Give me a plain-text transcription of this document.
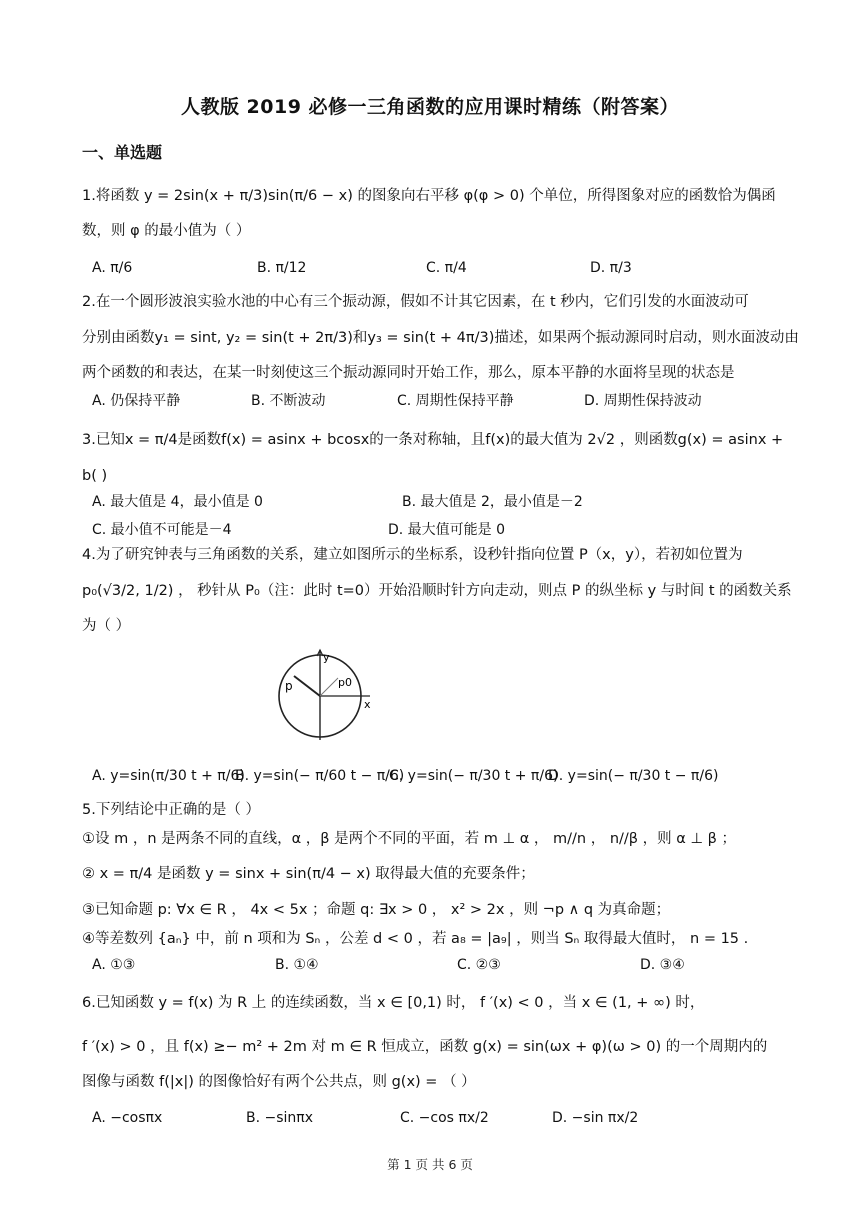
人教版 2019 必修一三角函数的应用课时精练（附答案）
一、单选题
1.将函数 y = 2sin(x + π/3)sin(π/6 − x) 的图象向右平移 φ(φ > 0) 个单位，所得图象对应的函数恰为偶函
数，则 φ 的最小值为（ ）
A. π/6	B. π/12	C. π/4	D. π/3
2.在一个圆形波浪实验水池的中心有三个振动源，假如不计其它因素，在 t 秒内，它们引发的水面波动可
分别由函数y₁ = sint, y₂ = sin(t + 2π/3)和y₃ = sin(t + 4π/3)描述，如果两个振动源同时启动，则水面波动由
两个函数的和表达，在某一时刻使这三个振动源同时开始工作，那么，原本平静的水面将呈现的状态是
A. 仍保持平静	B. 不断波动	C. 周期性保持平静	D. 周期性保持波动
3.已知x = π/4是函数f(x) = asinx + bcosx的一条对称轴，且f(x)的最大值为 2√2 ，则函数g(x) = asinx +
b( )
A. 最大值是 4，最小值是 0	B. 最大值是 2，最小值是－2
C. 最小值不可能是－4	D. 最大值可能是 0
4.为了研究钟表与三角函数的关系，建立如图所示的坐标系，设秒针指向位置 P（x，y），若初如位置为
p₀(√3/2, 1/2) ， 秒针从 P₀（注：此时 t=0）开始沿顺时针方向走动，则点 P 的纵坐标 y 与时间 t 的函数关系
为（ ）
y
p	p0
x
A. y=sin(π/30 t + π/6)
B. y=sin(− π/60 t − π/6)
C. y=sin(− π/30 t + π/6)
D. y=sin(− π/30 t − π/6)
5.下列结论中正确的是（ ）
①设 m ，n 是两条不同的直线，α ，β 是两个不同的平面，若 m ⊥ α ， m//n ， n//β ，则 α ⊥ β ；
② x = π/4 是函数 y = sinx + sin(π/4 − x) 取得最大值的充要条件；
③已知命题 p: ∀x ∈ R ， 4x < 5x ；命题 q: ∃x > 0 ， x² > 2x ，则 ¬p ∧ q 为真命题；
④等差数列 {aₙ} 中，前 n 项和为 Sₙ ，公差 d < 0 ，若 a₈ = |a₉| ，则当 Sₙ 取得最大值时， n = 15 .
A. ①③	B. ①④	C. ②③	D. ③④
6.已知函数 y = f(x) 为 R 上 的连续函数，当 x ∈ [0,1) 时， f ′(x) < 0 ，当 x ∈ (1, + ∞) 时，
f ′(x) > 0 ，且 f(x) ≥− m² + 2m 对 m ∈ R 恒成立，函数 g(x) = sin(ωx + φ)(ω > 0) 的一个周期内的
图像与函数 f(|x|) 的图像恰好有两个公共点，则 g(x) = （ ）
A. −cosπx	B. −sinπx	C. −cos πx/2	D. −sin πx/2
第 1 页 共 6 页
